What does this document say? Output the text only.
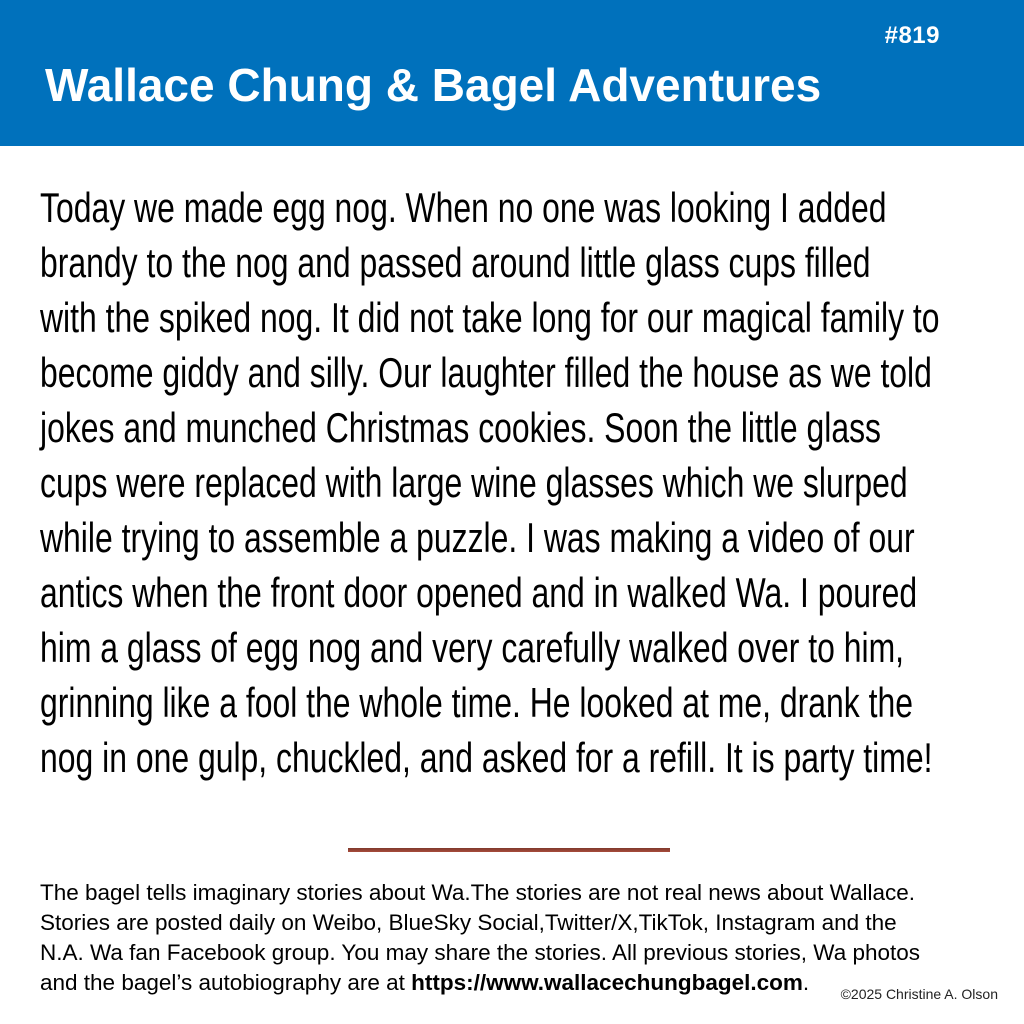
#819
Wallace Chung & Bagel Adventures
Today we made egg nog. When no one was looking I added
brandy to the nog and passed around little glass cups filled
with the spiked nog. It did not take long for our magical family to
become giddy and silly. Our laughter filled the house as we told
jokes and munched Christmas cookies. Soon the little glass
cups were replaced with large wine glasses which we slurped
while trying to assemble a puzzle. I was making a video of our
antics when the front door opened and in walked Wa. I poured
him a glass of egg nog and very carefully walked over to him,
grinning like a fool the whole time. He looked at me, drank the
nog in one gulp, chuckled, and asked for a refill. It is party time!
The bagel tells imaginary stories about Wa.The stories are not real news about Wallace.
Stories are posted daily on Weibo, BlueSky Social,Twitter/X,TikTok, Instagram and the
N.A. Wa fan Facebook group. You may share the stories. All previous stories, Wa photos
and the bagel’s autobiography are at https://www.wallacechungbagel.com.	©2025 Christine A. Olson
